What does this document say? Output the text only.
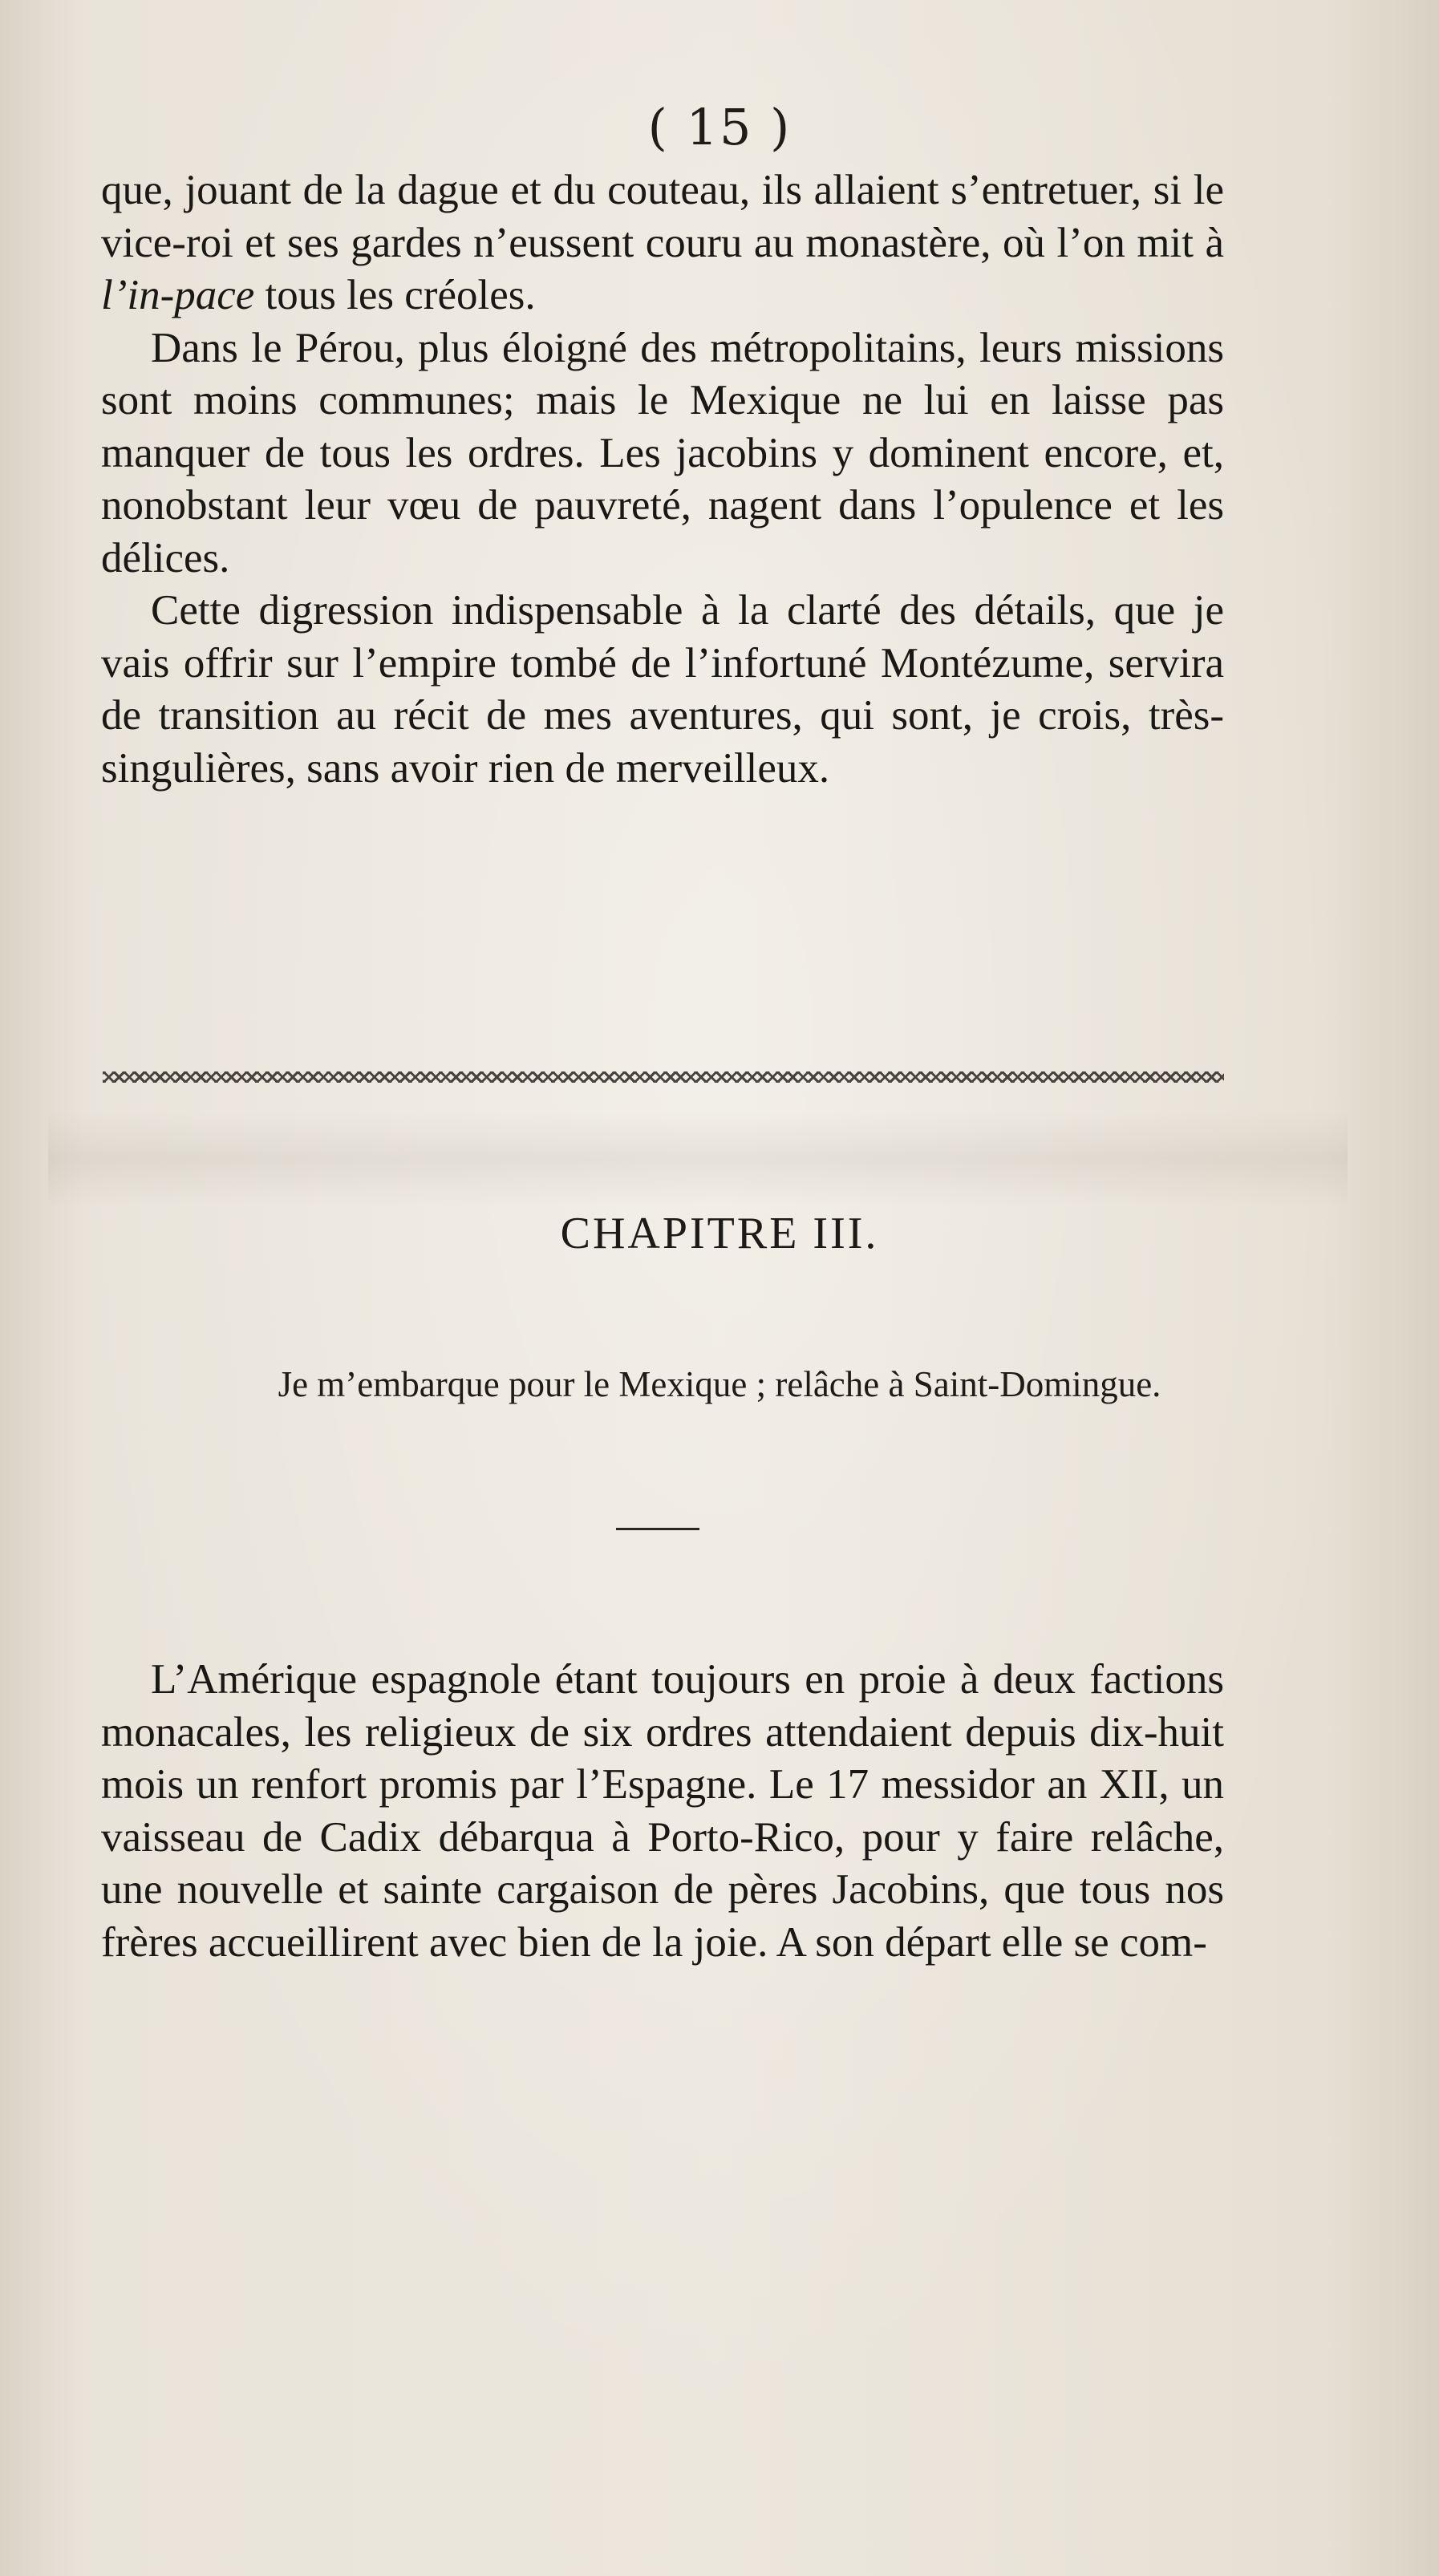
( 15 )

que, jouant de la dague et du couteau, ils allaient s’entretuer, si le vice-roi et ses gardes n’eussent couru au monastère, où l’on mit à l’in-pace tous les créoles.

Dans le Pérou, plus éloigné des métropolitains, leurs missions sont moins communes; mais le Mexique ne lui en laisse pas manquer de tous les ordres. Les jacobins y dominent encore, et, nonobstant leur vœu de pauvreté, nagent dans l’opulence et les délices.

Cette digression indispensable à la clarté des détails, que je vais offrir sur l’empire tombé de l’infortuné Montézume, servira de transition au récit de mes aventures, qui sont, je crois, très-singulières, sans avoir rien de merveilleux.

CHAPITRE III.
Je m’embarque pour le Mexique ; relâche à Saint-Domingue.

L’Amérique espagnole étant toujours en proie à deux factions monacales, les religieux de six ordres attendaient depuis dix-huit mois un renfort promis par l’Espagne. Le 17 messidor an XII, un vaisseau de Cadix débarqua à Porto-Rico, pour y faire relâche, une nouvelle et sainte cargaison de pères Jacobins, que tous nos frères accueillirent avec bien de la joie. A son départ elle se com-
